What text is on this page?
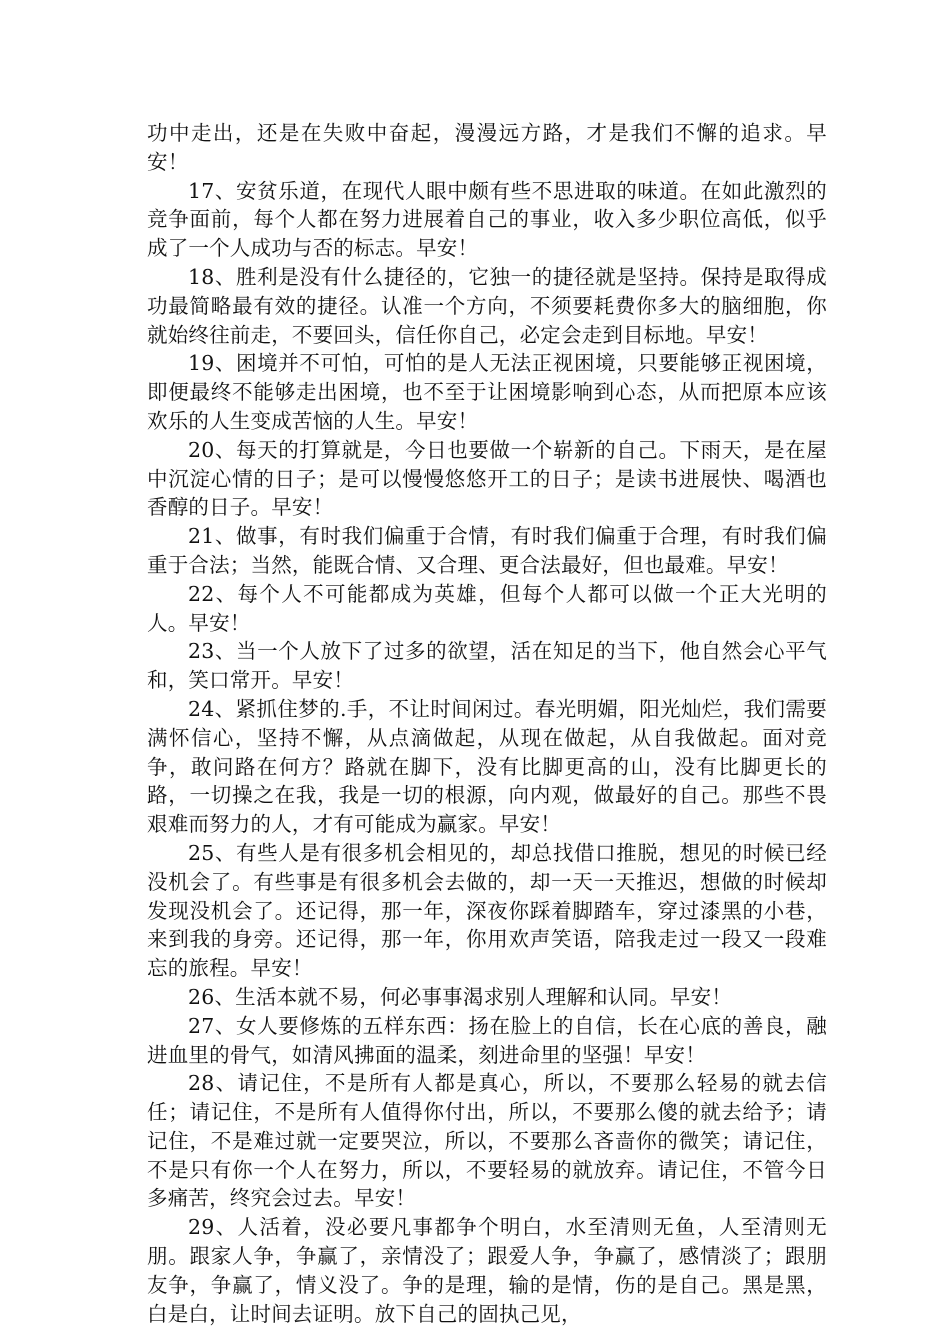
功中走出，还是在失败中奋起，漫漫远方路，才是我们不懈的追求。早安！

17、安贫乐道，在现代人眼中颇有些不思进取的味道。在如此激烈的竞争面前，每个人都在努力进展着自己的事业，收入多少职位高低，似乎成了一个人成功与否的标志。早安！

18、胜利是没有什么捷径的，它独一的捷径就是坚持。保持是取得成功最简略最有效的捷径。认准一个方向，不须要耗费你多大的脑细胞，你就始终往前走，不要回头，信任你自己，必定会走到目标地。早安！

19、困境并不可怕，可怕的是人无法正视困境，只要能够正视困境，即便最终不能够走出困境，也不至于让困境影响到心态，从而把原本应该欢乐的人生变成苦恼的人生。早安！

20、每天的打算就是，今日也要做一个崭新的自己。下雨天，是在屋中沉淀心情的日子；是可以慢慢悠悠开工的日子；是读书进展快、喝酒也香醇的日子。早安！

21、做事，有时我们偏重于合情，有时我们偏重于合理，有时我们偏重于合法；当然，能既合情、又合理、更合法最好，但也最难。早安！

22、每个人不可能都成为英雄，但每个人都可以做一个正大光明的人。早安！

23、当一个人放下了过多的欲望，活在知足的当下，他自然会心平气和，笑口常开。早安！

24、紧抓住梦的.手，不让时间闲过。春光明媚，阳光灿烂，我们需要满怀信心，坚持不懈，从点滴做起，从现在做起，从自我做起。面对竞争，敢问路在何方？路就在脚下，没有比脚更高的山，没有比脚更长的路，一切操之在我，我是一切的根源，向内观，做最好的自己。那些不畏艰难而努力的人，才有可能成为赢家。早安！

25、有些人是有很多机会相见的，却总找借口推脱，想见的时候已经没机会了。有些事是有很多机会去做的，却一天一天推迟，想做的时候却发现没机会了。还记得，那一年，深夜你踩着脚踏车，穿过漆黑的小巷，来到我的身旁。还记得，那一年，你用欢声笑语，陪我走过一段又一段难忘的旅程。早安！

26、生活本就不易，何必事事渴求别人理解和认同。早安！

27、女人要修炼的五样东西：扬在脸上的自信，长在心底的善良，融进血里的骨气，如清风拂面的温柔，刻进命里的坚强！早安！

28、请记住，不是所有人都是真心，所以，不要那么轻易的就去信任；请记住，不是所有人值得你付出，所以，不要那么傻的就去给予；请记住，不是难过就一定要哭泣，所以，不要那么吝啬你的微笑；请记住，不是只有你一个人在努力，所以，不要轻易的就放弃。请记住，不管今日多痛苦，终究会过去。早安！

29、人活着，没必要凡事都争个明白，水至清则无鱼，人至清则无朋。跟家人争，争赢了，亲情没了；跟爱人争，争赢了，感情淡了；跟朋友争，争赢了，情义没了。争的是理，输的是情，伤的是自己。黑是黑，白是白，让时间去证明。放下自己的固执己见，
